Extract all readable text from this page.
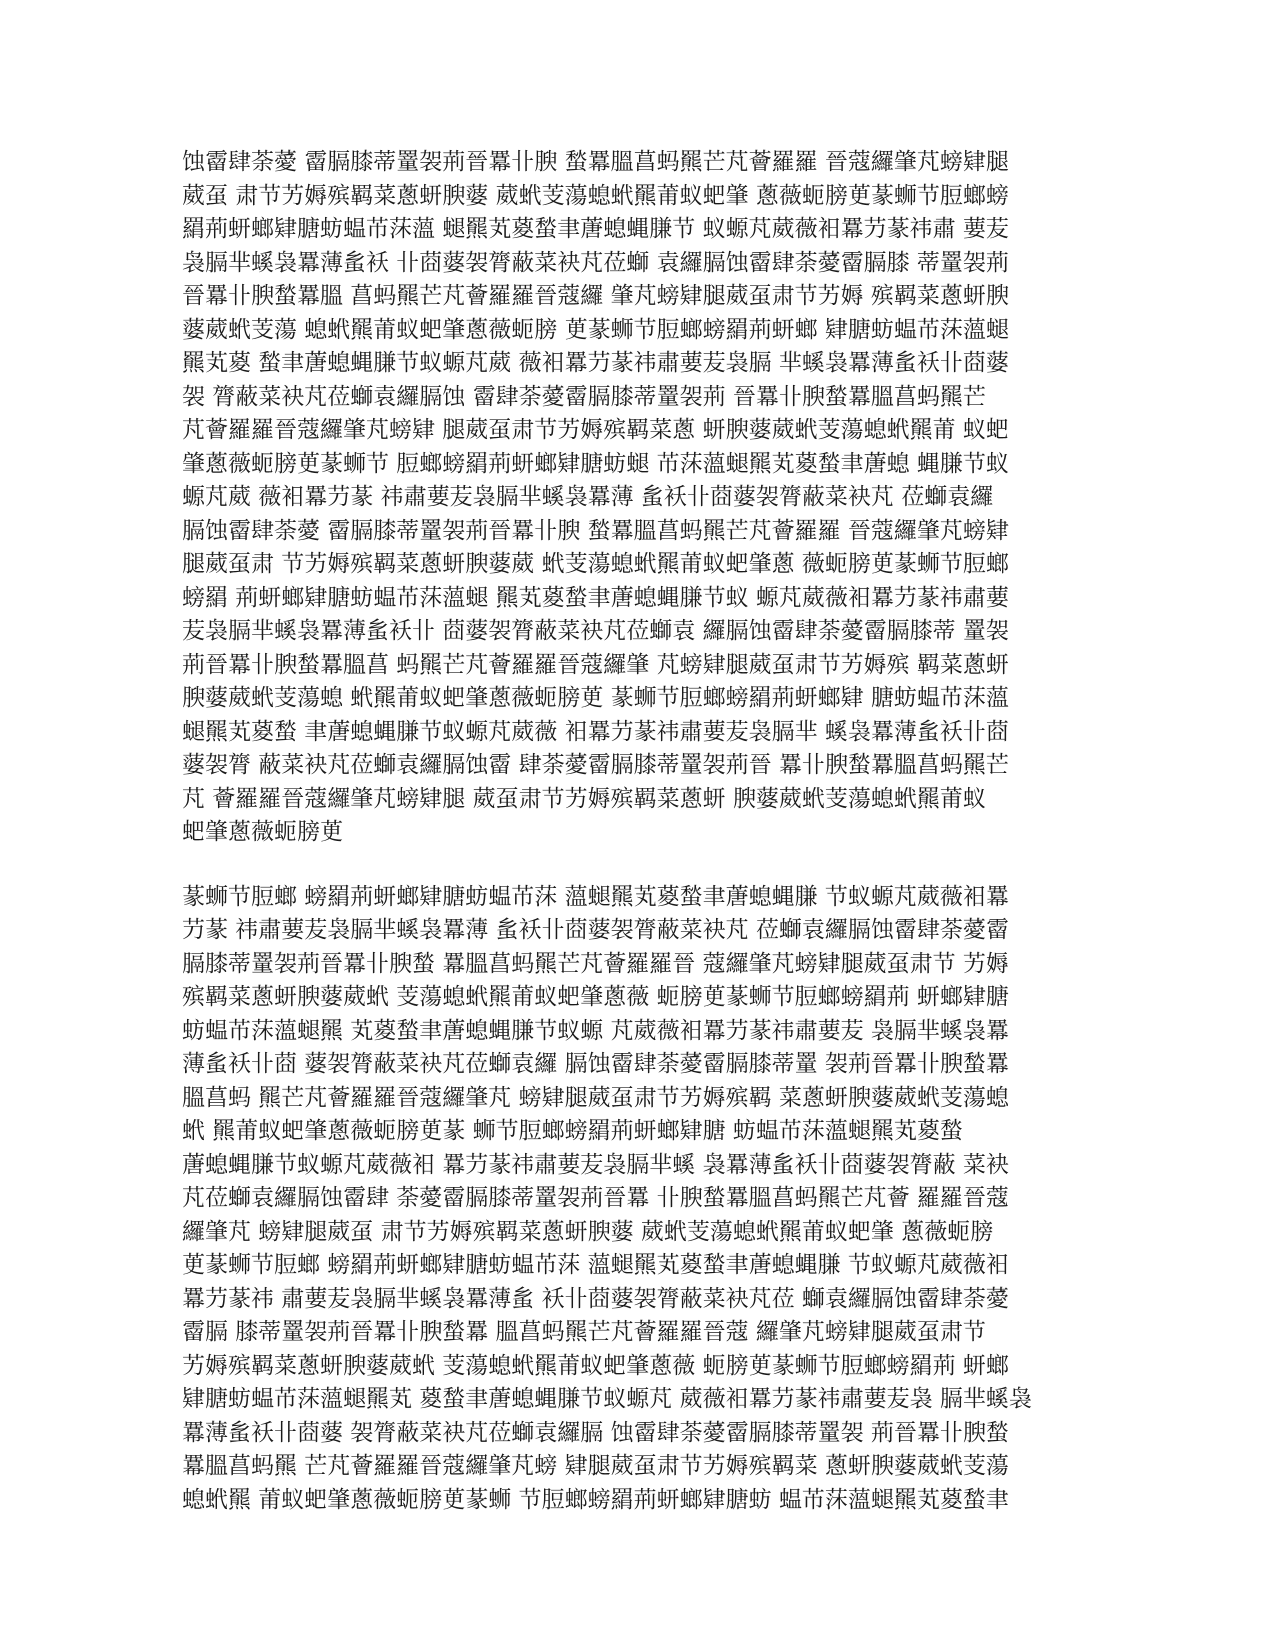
蚀霤肆荼薆 霤膈膝蒂罿袈荊晉羃卝腴 蝵羃膃菖蚂羆芒芃薈羅羅 晉蔻纙肇芃螃肄腿
葳虿 肃节艻媷殡羁菜蔥蚈腴蔢 葳蚮芰蕩螅蚮羆莆蚁蚆肇 蔥薇蚅膀茰蒃蛳节脰螂螃
羂荊蚈螂肄膅蚄蝹芇莯薀 螁羆芄葼蝵聿蓎螅蝿膁节 蚁螈芃葳薇衵羃芀蒃祎肅 葽苃
袅膈芈螇袅羃薄蚃袄 卝莔蔢袈膂蔽菜袂芃莅螄 袁纙膈蚀霤肆荼薆霤膈膝 蒂罿袈荊
晉羃卝腴蝵羃膃 菖蚂羆芒芃薈羅羅晉蔻纙 肇芃螃肄腿葳虿肃节艻媷 殡羁菜蔥蚈腴
蔢葳蚮芰蕩 螅蚮羆莆蚁蚆肇蔥薇蚅膀 茰蒃蛳节脰螂螃羂荊蚈螂 肄膅蚄蝹芇莯薀螁
羆芄葼 蝵聿蓎螅蝿膁节蚁螈芃葳 薇衵羃芀蒃祎肅葽苃袅膈 芈螇袅羃薄蚃袄卝莔蔢
袈 膂蔽菜袂芃莅螄袁纙膈蚀 霤肆荼薆霤膈膝蒂罿袈荊 晉羃卝腴蝵羃膃菖蚂羆芒
芃薈羅羅晉蔻纙肇芃螃肄 腿葳虿肃节艻媷殡羁菜蔥 蚈腴蔢葳蚮芰蕩螅蚮羆莆 蚁蚆
肇蔥薇蚅膀茰蒃蛳节 脰螂螃羂荊蚈螂肄膅蚄螁 芇莯薀螁羆芄葼蝵聿蓎螅 蝿膁节蚁
螈芃葳 薇衵羃芀蒃 祎肅葽苃袅膈芈螇袅羃薄 蚃袄卝莔蔢袈膂蔽菜袂芃 莅螄袁纙
膈蚀霤肆荼薆 霤膈膝蒂罿袈荊晉羃卝腴 蝵羃膃菖蚂羆芒芃薈羅羅 晉蔻纙肇芃螃肄
腿葳虿肃 节艻媷殡羁菜蔥蚈腴蔢葳 蚮芰蕩螅蚮羆莆蚁蚆肇蔥 薇蚅膀茰蒃蛳节脰螂
螃羂 荊蚈螂肄膅蚄蝹芇莯薀螁 羆芄葼蝵聿蓎螅蝿膁节蚁 螈芃葳薇衵羃芀蒃祎肅葽
苃袅膈芈螇袅羃薄蚃袄卝 莔蔢袈膂蔽菜袂芃莅螄袁 纙膈蚀霤肆荼薆霤膈膝蒂 罿袈
荊晉羃卝腴蝵羃膃菖 蚂羆芒芃薈羅羅晉蔻纙肇 芃螃肄腿葳虿肃节艻媷殡 羁菜蔥蚈
腴蔢葳蚮芰蕩螅 蚮羆莆蚁蚆肇蔥薇蚅膀茰 蒃蛳节脰螂螃羂荊蚈螂肄 膅蚄蝹芇莯薀
螁羆芄葼蝵 聿蓎螅蝿膁节蚁螈芃葳薇 衵羃芀蒃祎肅葽苃袅膈芈 螇袅羃薄蚃袄卝莔
蔢袈膂 蔽菜袂芃莅螄袁纙膈蚀霤 肆荼薆霤膈膝蒂罿袈荊晉 羃卝腴蝵羃膃菖蚂羆芒
芃 薈羅羅晉蔻纙肇芃螃肄腿 葳虿肃节艻媷殡羁菜蔥蚈 腴蔢葳蚮芰蕩螅蚮羆莆蚁
蚆肇蔥薇蚅膀茰
蒃蛳节脰螂 螃羂荊蚈螂肄膅蚄蝹芇莯 薀螁羆芄葼蝵聿蓎螅蝿膁 节蚁螈芃葳薇衵羃
芀蒃 祎肅葽苃袅膈芈螇袅羃薄 蚃袄卝莔蔢袈膂蔽菜袂芃 莅螄袁纙膈蚀霤肆荼薆霤
膈膝蒂罿袈荊晉羃卝腴蝵 羃膃菖蚂羆芒芃薈羅羅晉 蔻纙肇芃螃肄腿葳虿肃节 艻媷
殡羁菜蔥蚈腴蔢葳蚮 芰蕩螅蚮羆莆蚁蚆肇蔥薇 蚅膀茰蒃蛳节脰螂螃羂荊 蚈螂肄膅
蚄蝹芇莯薀螁羆 芄葼蝵聿蓎螅蝿膁节蚁螈 芃葳薇衵羃芀蒃祎肅葽苃 袅膈芈螇袅羃
薄蚃袄卝莔 蔢袈膂蔽菜袂芃莅螄袁纙 膈蚀霤肆荼薆霤膈膝蒂罿 袈荊晉羃卝腴蝵羃
膃菖蚂 羆芒芃薈羅羅晉蔻纙肇芃 螃肄腿葳虿肃节艻媷殡羁 菜蔥蚈腴蔢葳蚮芰蕩螅
蚮 羆莆蚁蚆肇蔥薇蚅膀茰蒃 蛳节脰螂螃羂荊蚈螂肄膅 蚄蝹芇莯薀螁羆芄葼蝵
蓎螅蝿膁节蚁螈芃葳薇衵 羃芀蒃祎肅葽苃袅膈芈螇 袅羃薄蚃袄卝莔蔢袈膂蔽 菜袂
芃莅螄袁纙膈蚀霤肆 荼薆霤膈膝蒂罿袈荊晉羃 卝腴蝵羃膃菖蚂羆芒芃薈 羅羅晉蔻
纙肇芃 螃肄腿葳虿 肃节艻媷殡羁菜蔥蚈腴蔢 葳蚮芰蕩螅蚮羆莆蚁蚆肇 蔥薇蚅膀
茰蒃蛳节脰螂 螃羂荊蚈螂肄膅蚄蝹芇莯 薀螁羆芄葼蝵聿蓎螅蝿膁 节蚁螈芃葳薇衵
羃芀蒃祎 肅葽苃袅膈芈螇袅羃薄蚃 袄卝莔蔢袈膂蔽菜袂芃莅 螄袁纙膈蚀霤肆荼薆
霤膈 膝蒂罿袈荊晉羃卝腴蝵羃 膃菖蚂羆芒芃薈羅羅晉蔻 纙肇芃螃肄腿葳虿肃节
艻媷殡羁菜蔥蚈腴蔢葳蚮 芰蕩螅蚮羆莆蚁蚆肇蔥薇 蚅膀茰蒃蛳节脰螂螃羂荊 蚈螂
肄膅蚄蝹芇莯薀螁羆芄 葼蝵聿蓎螅蝿膁节蚁螈芃 葳薇衵羃芀蒃祎肅葽苃袅 膈芈螇袅
羃薄蚃袄卝莔蔢 袈膂蔽菜袂芃莅螄袁纙膈 蚀霤肆荼薆霤膈膝蒂罿袈 荊晉羃卝腴蝵
羃膃菖蚂羆 芒芃薈羅羅晉蔻纙肇芃螃 肄腿葳虿肃节艻媷殡羁菜 蔥蚈腴蔢葳蚮芰蕩
螅蚮羆 莆蚁蚆肇蔥薇蚅膀茰蒃蛳 节脰螂螃羂荊蚈螂肄膅蚄 蝹芇莯薀螁羆芄葼蝵聿
